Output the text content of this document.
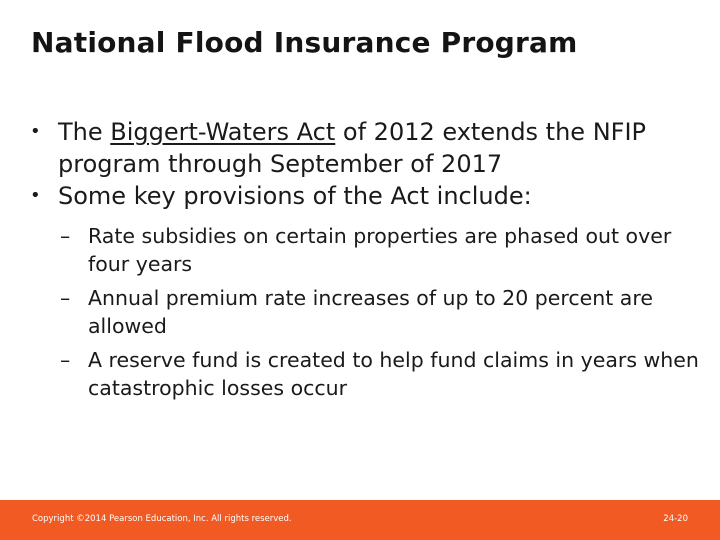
National Flood Insurance Program
• The Biggert-Waters Act of 2012 extends the NFIP program through September of 2017
• Some key provisions of the Act include:
– Rate subsidies on certain properties are phased out over four years
– Annual premium rate increases of up to 20 percent are allowed
– A reserve fund is created to help fund claims in years when catastrophic losses occur
Copyright ©2014 Pearson Education, Inc. All rights reserved.	24-20
